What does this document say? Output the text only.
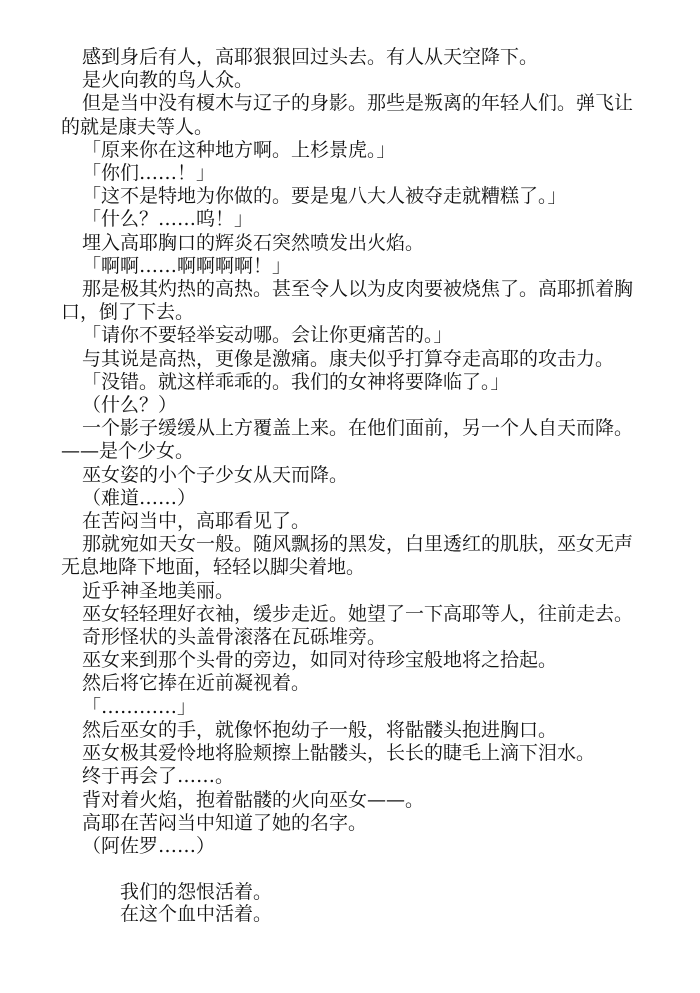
感到身后有人，高耶狠狠回过头去。有人从天空降下。

是火向教的鸟人众。

但是当中没有榎木与辽子的身影。那些是叛离的年轻人们。弹飞让的就是康夫等人。

「原来你在这种地方啊。上杉景虎。」

「你们……！」

「这不是特地为你做的。要是鬼八大人被夺走就糟糕了。」

「什么？……呜！」

埋入高耶胸口的辉炎石突然喷发出火焰。

「啊啊……啊啊啊啊！」

那是极其灼热的高热。甚至令人以为皮肉要被烧焦了。高耶抓着胸口，倒了下去。

「请你不要轻举妄动哪。会让你更痛苦的。」

与其说是高热，更像是激痛。康夫似乎打算夺走高耶的攻击力。

「没错。就这样乖乖的。我们的女神将要降临了。」

（什么？）

一个影子缓缓从上方覆盖上来。在他们面前，另一个人自天而降。——是个少女。

巫女姿的小个子少女从天而降。

（难道……）

在苦闷当中，高耶看见了。

那就宛如天女一般。随风飘扬的黑发，白里透红的肌肤，巫女无声无息地降下地面，轻轻以脚尖着地。

近乎神圣地美丽。

巫女轻轻理好衣袖，缓步走近。她望了一下高耶等人，往前走去。

奇形怪状的头盖骨滚落在瓦砾堆旁。

巫女来到那个头骨的旁边，如同对待珍宝般地将之拾起。

然后将它捧在近前凝视着。

「…………」

然后巫女的手，就像怀抱幼子一般，将骷髅头抱进胸口。

巫女极其爱怜地将脸颊擦上骷髅头，长长的睫毛上滴下泪水。

终于再会了……。

背对着火焰，抱着骷髅的火向巫女——。

高耶在苦闷当中知道了她的名字。

（阿佐罗……）

我们的怨恨活着。

在这个血中活着。
